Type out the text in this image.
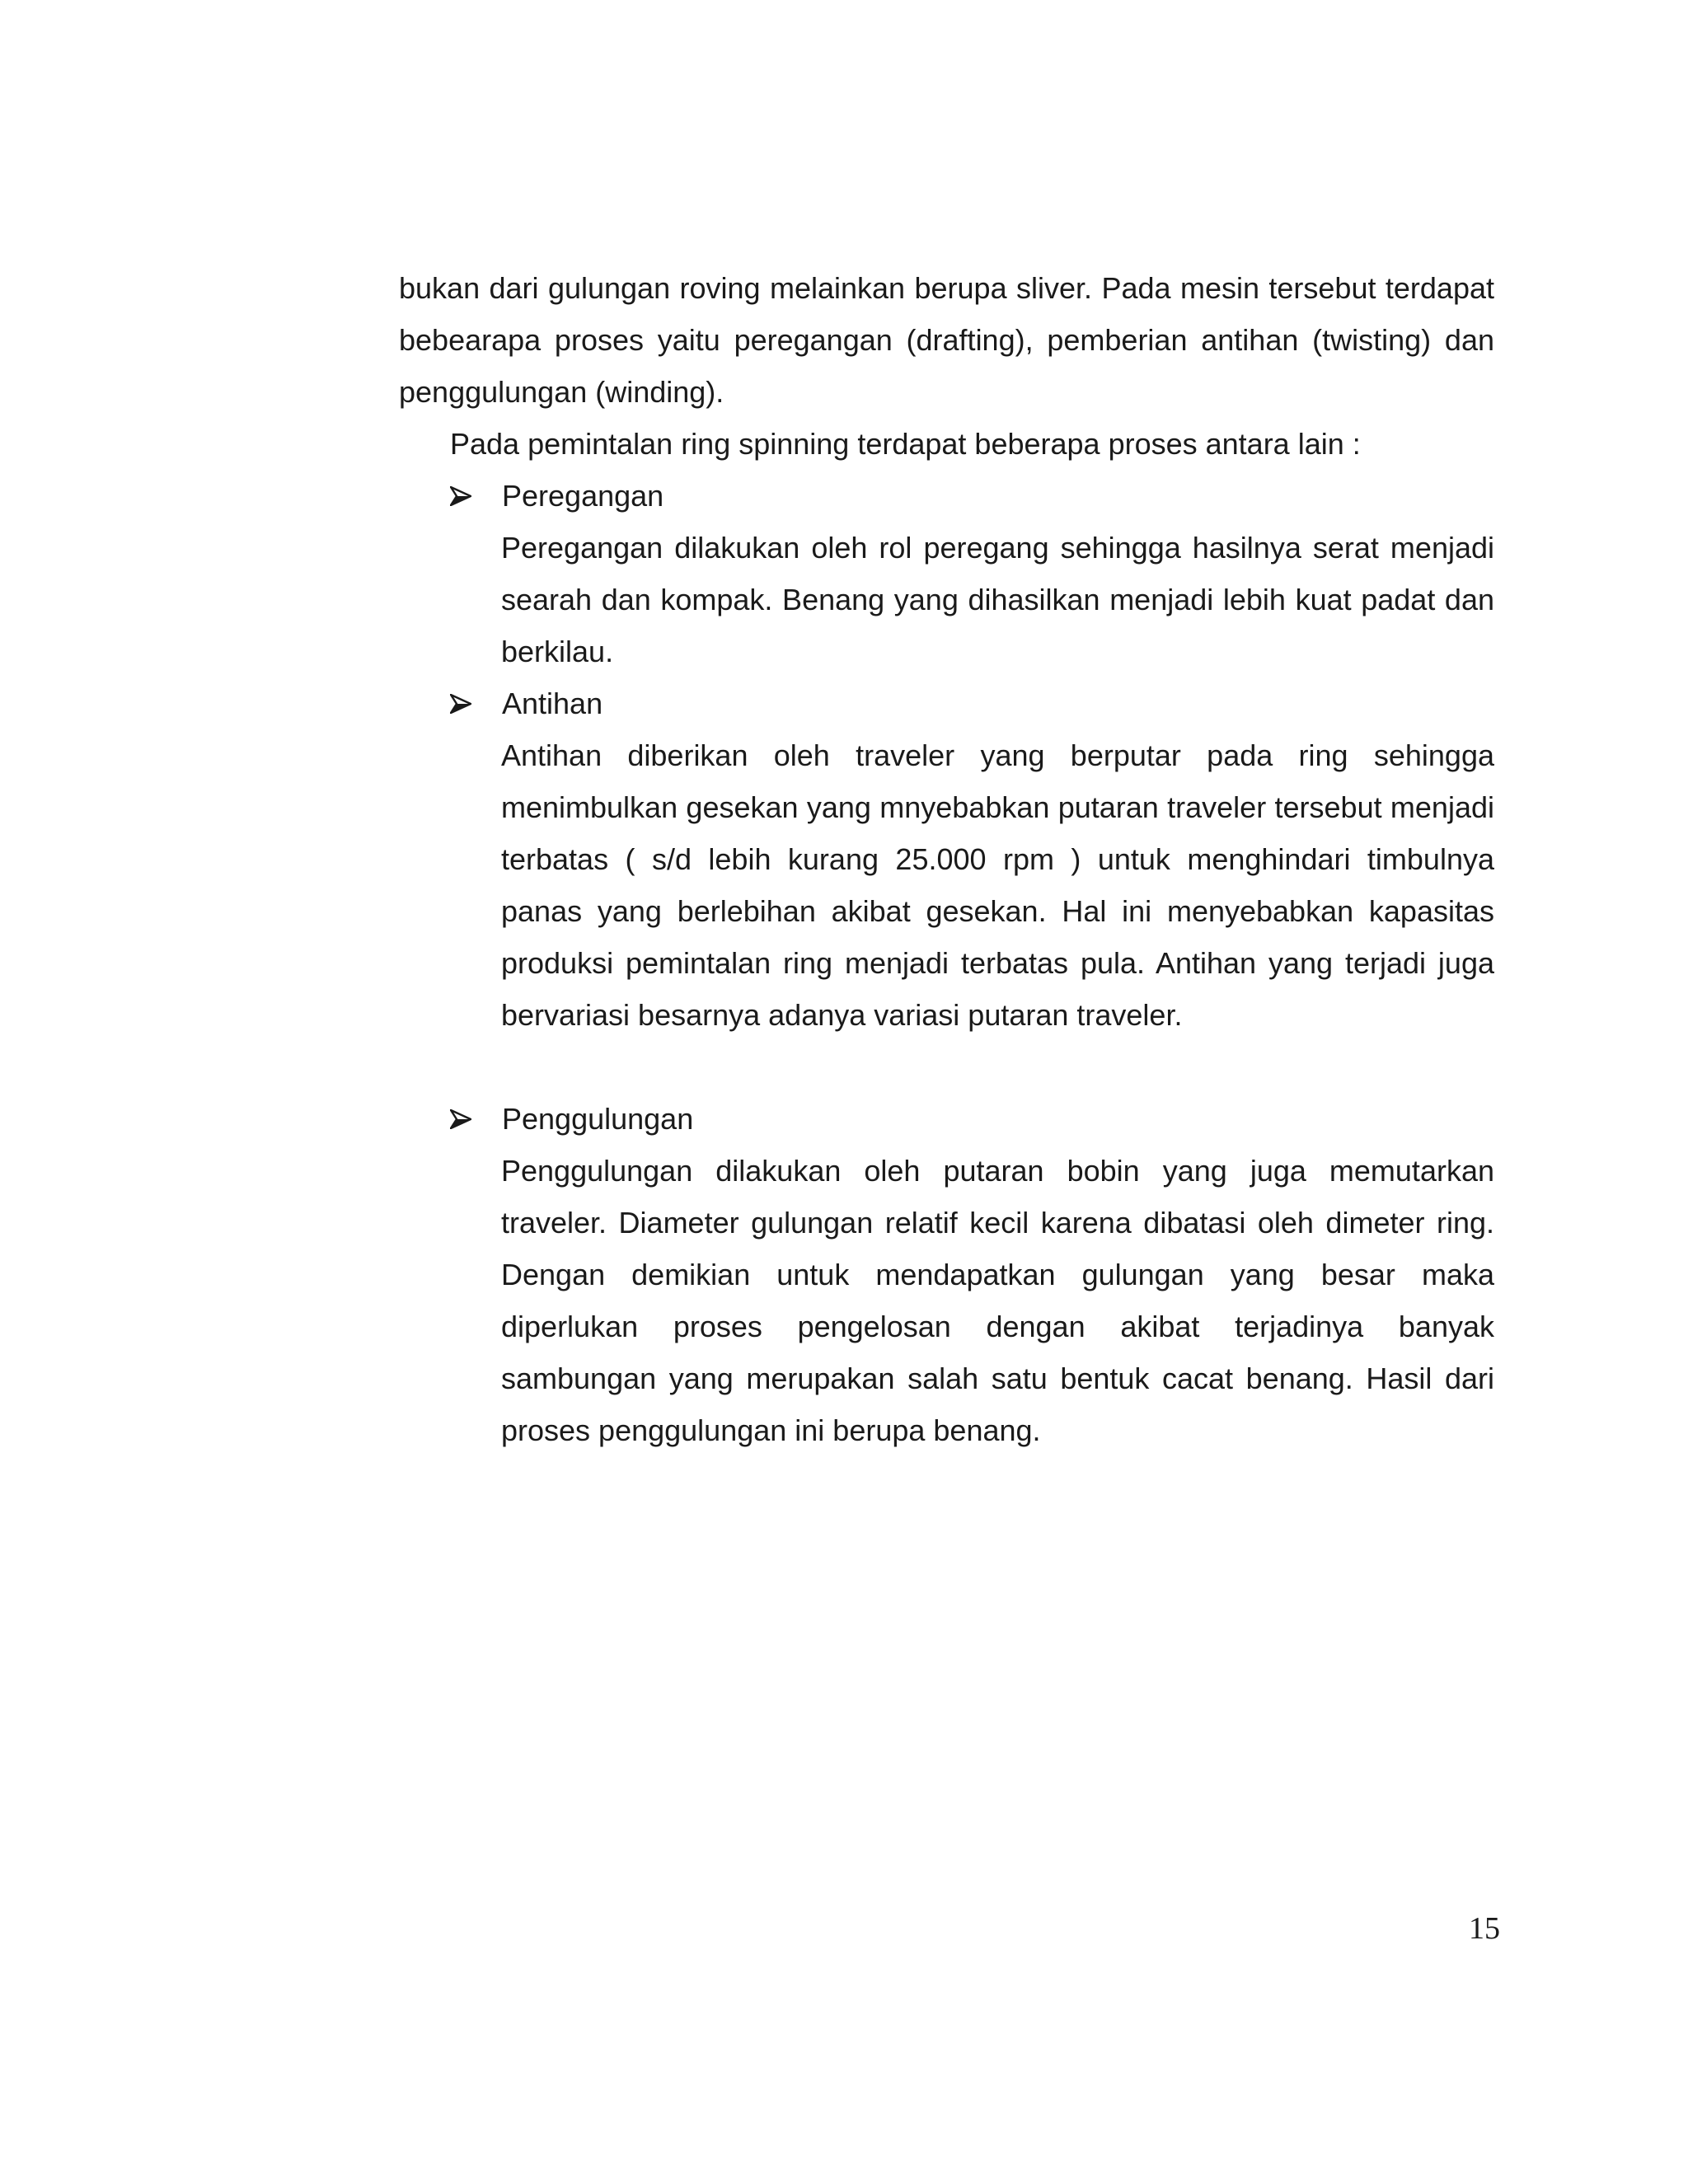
bukan dari gulungan roving melainkan berupa sliver. Pada mesin tersebut terdapat bebearapa proses yaitu peregangan (drafting), pemberian antihan (twisting) dan penggulungan (winding).

Pada pemintalan ring spinning terdapat beberapa proses antara lain :

Peregangan

Peregangan dilakukan oleh rol peregang sehingga hasilnya serat menjadi searah dan kompak. Benang yang dihasilkan menjadi lebih kuat padat dan berkilau.

Antihan

Antihan diberikan oleh traveler yang berputar pada ring sehingga menimbulkan gesekan yang mnyebabkan putaran traveler tersebut menjadi terbatas ( s/d lebih kurang 25.000 rpm ) untuk menghindari timbulnya panas yang berlebihan akibat gesekan. Hal ini menyebabkan kapasitas produksi pemintalan ring menjadi terbatas pula. Antihan yang terjadi juga bervariasi besarnya adanya variasi putaran traveler.

Penggulungan

Penggulungan dilakukan oleh putaran bobin yang juga memutarkan traveler. Diameter gulungan relatif kecil karena dibatasi oleh dimeter ring. Dengan demikian untuk mendapatkan gulungan yang besar maka diperlukan proses pengelosan dengan akibat terjadinya banyak sambungan yang merupakan salah satu bentuk cacat benang. Hasil dari proses penggulungan ini berupa benang.

15
